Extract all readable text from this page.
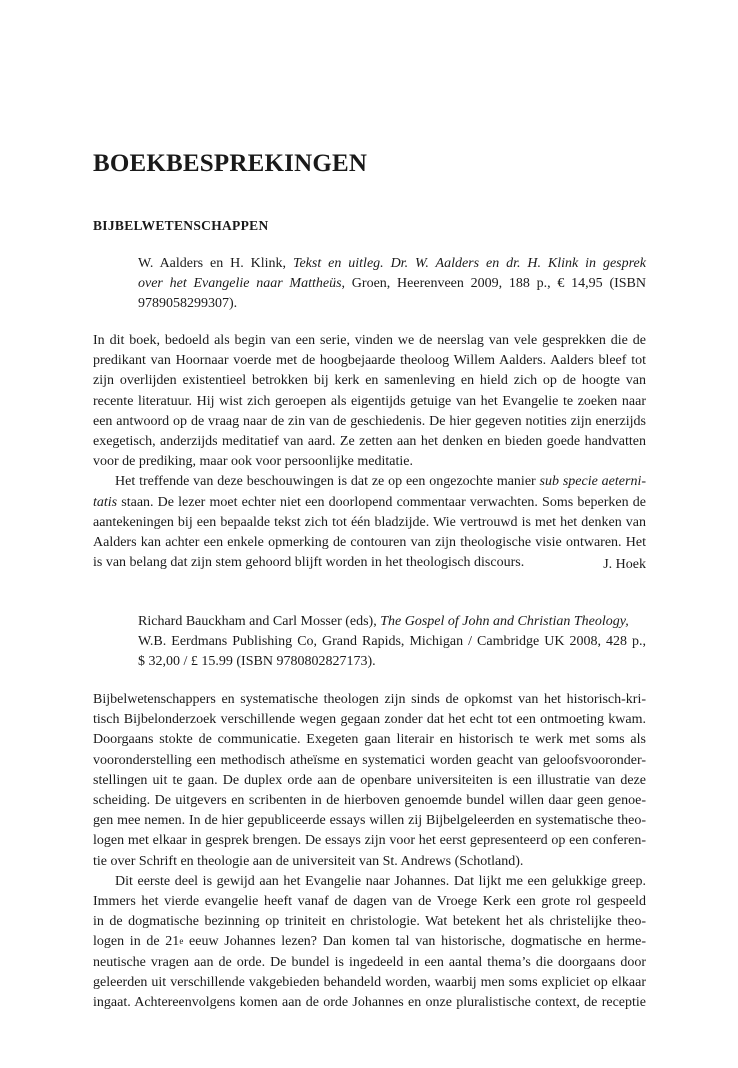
BOEKBESPREKINGEN
BIJBELWETENSCHAPPEN
W. Aalders en H. Klink, Tekst en uitleg. Dr. W. Aalders en dr. H. Klink in gesprek
over het Evangelie naar Mattheüs, Groen, Heerenveen 2009, 188 p., € 14,95 (ISBN
9789058299307).
In dit boek, bedoeld als begin van een serie, vinden we de neerslag van vele gesprekken die de
predikant van Hoornaar voerde met de hoogbejaarde theoloog Willem Aalders. Aalders bleef tot
zijn overlijden existentieel betrokken bij kerk en samenleving en hield zich op de hoogte van
recente literatuur. Hij wist zich geroepen als eigentijds getuige van het Evangelie te zoeken naar
een antwoord op de vraag naar de zin van de geschiedenis. De hier gegeven notities zijn enerzijds
exegetisch, anderzijds meditatief van aard. Ze zetten aan het denken en bieden goede handvatten
voor de prediking, maar ook voor persoonlijke meditatie.
Het treffende van deze beschouwingen is dat ze op een ongezochte manier sub specie aeterni-
tatis staan. De lezer moet echter niet een doorlopend commentaar verwachten. Soms beperken de
aantekeningen bij een bepaalde tekst zich tot één bladzijde. Wie vertrouwd is met het denken van
Aalders kan achter een enkele opmerking de contouren van zijn theologische visie ontwaren. Het
is van belang dat zijn stem gehoord blijft worden in het theologisch discours.	J. Hoek
Richard Bauckham and Carl Mosser (eds), The Gospel of John and Christian Theology,
W.B. Eerdmans Publishing Co, Grand Rapids, Michigan / Cambridge UK 2008, 428 p.,
$ 32,00 / £ 15.99 (ISBN 9780802827173).
Bijbelwetenschappers en systematische theologen zijn sinds de opkomst van het historisch-kri-
tisch Bijbelonderzoek verschillende wegen gegaan zonder dat het echt tot een ontmoeting kwam.
Doorgaans stokte de communicatie. Exegeten gaan literair en historisch te werk met soms als
vooronderstelling een methodisch atheïsme en systematici worden geacht van geloofsvooronder-
stellingen uit te gaan. De duplex orde aan de openbare universiteiten is een illustratie van deze
scheiding. De uitgevers en scribenten in de hierboven genoemde bundel willen daar geen genoe-
gen mee nemen. In de hier gepubliceerde essays willen zij Bijbelgeleerden en systematische theo-
logen met elkaar in gesprek brengen. De essays zijn voor het eerst gepresenteerd op een conferen-
tie over Schrift en theologie aan de universiteit van St. Andrews (Schotland).
Dit eerste deel is gewijd aan het Evangelie naar Johannes. Dat lijkt me een gelukkige greep.
Immers het vierde evangelie heeft vanaf de dagen van de Vroege Kerk een grote rol gespeeld
in de dogmatische bezinning op triniteit en christologie. Wat betekent het als christelijke theo-
logen in de 21e eeuw Johannes lezen? Dan komen tal van historische, dogmatische en herme-
neutische vragen aan de orde. De bundel is ingedeeld in een aantal thema’s die doorgaans door
geleerden uit verschillende vakgebieden behandeld worden, waarbij men soms expliciet op elkaar
ingaat. Achtereenvolgens komen aan de orde Johannes en onze pluralistische context, de receptie
